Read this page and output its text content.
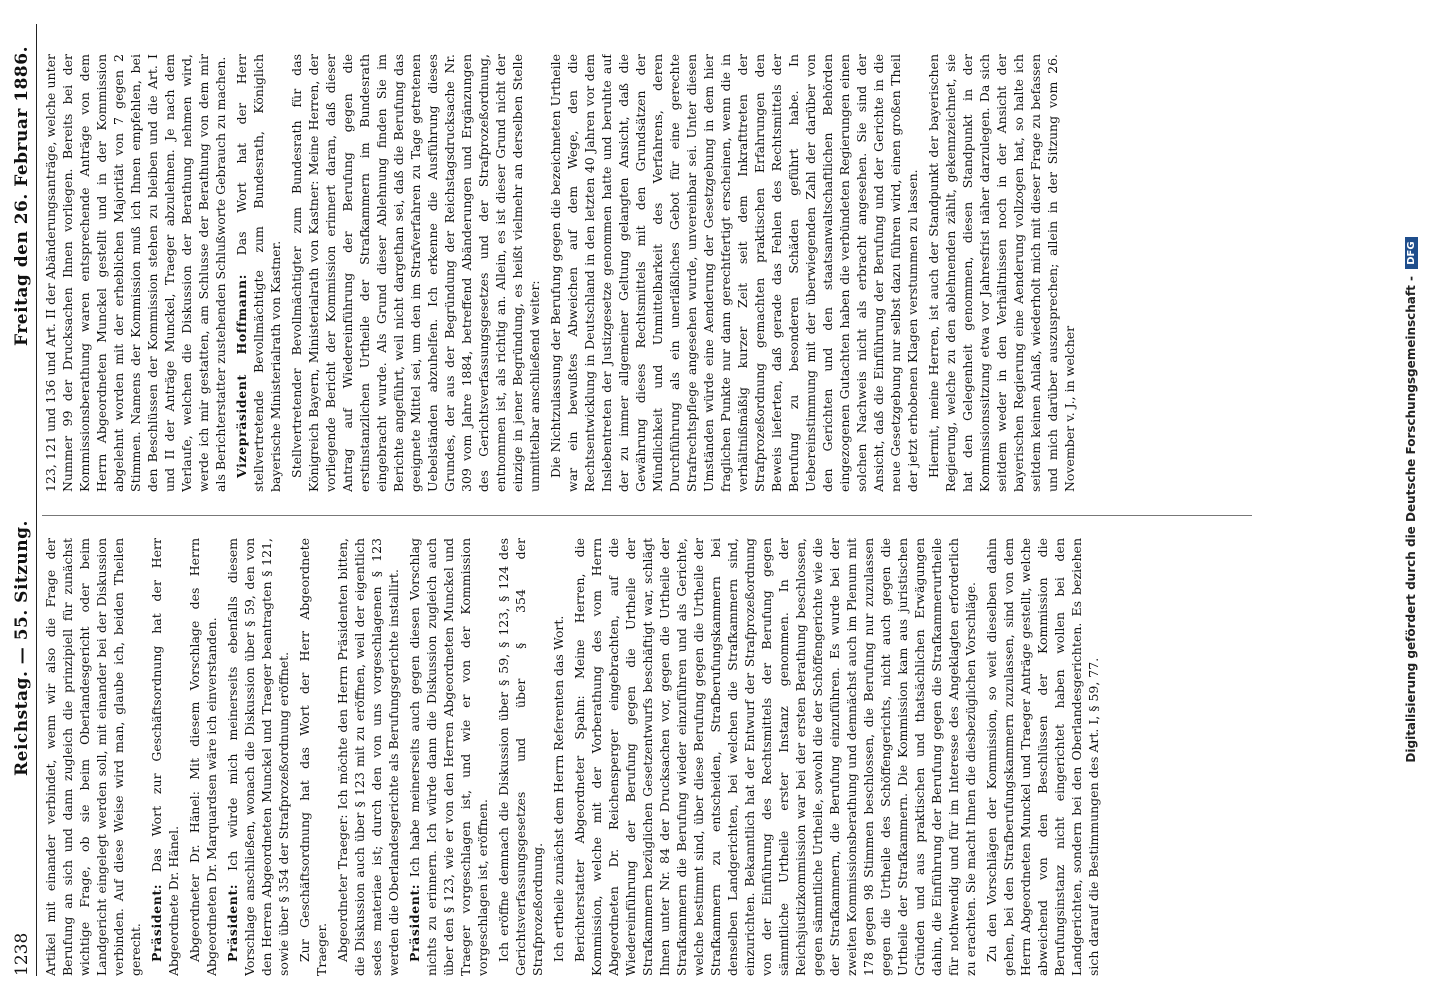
1238
Reichstag. — 55. Sitzung.
Freitag den 26. Februar 1886.

Artikel mit einander verbindet, wenn wir also die Frage der Berufung an sich und dann zugleich die prinzipiell für zunächst wichtige Frage, ob sie beim Oberlandesgericht oder beim Landgericht eingelegt werden soll, mit einander bei der Diskussion verbinden. Auf diese Weise wird man, glaube ich, beiden Theilen gerecht. Präsident: Das Wort zur Geschäftsordnung hat der Herr Abgeordnete Dr. Hänel. Abgeordneter Dr. Hänel: Mit diesem Vorschlage des Herrn Abgeordneten Dr. Marquardsen wäre ich einverstanden. Präsident: Ich würde mich meinerseits ebenfalls diesem Vorschlage anschließen, wonach die Diskussion über § 59, den von den Herren Abgeordneten Munckel und Traeger beantragten § 121, sowie über § 354 der Strafprozeßordnung eröffnet. Zur Geschäftsordnung hat das Wort der Herr Abgeordnete Traeger. Abgeordneter Traeger: Ich möchte den Herrn Präsidenten bitten, die Diskussion auch über § 123 mit zu eröffnen, weil der eigentlich sedes materiae ist; durch den von uns vorgeschlagenen § 123 werden die Oberlandesgerichte als Berufungsgerichte installirt. Präsident: Ich habe meinerseits auch gegen diesen Vorschlag nichts zu erinnern. Ich würde dann die Diskussion zugleich auch über den § 123, wie er von den Herren Abgeordneten Munckel und Traeger vorgeschlagen ist, und wie er von der Kommission vorgeschlagen ist, eröffnen. Ich eröffne demnach die Diskussion über § 59, § 123, § 124 des Gerichtsverfassungsgesetzes und über § 354 der Strafprozeßordnung. Ich ertheile zunächst dem Herrn Referenten das Wort. Berichterstatter Abgeordneter Spahn: Meine Herren, die Kommission, welche mit der Vorberathung des vom Herrn Abgeordneten Dr. Reichensperger eingebrachten, auf die Wiedereinführung der Berufung gegen die Urtheile der Strafkammern bezüglichen Gesetzentwurfs beschäftigt war, schlägt Ihnen unter Nr. 84 der Drucksachen vor, gegen die Urtheile der Strafkammern die Berufung wieder einzuführen und als Gerichte, welche bestimmt sind, über diese Berufung gegen die Urtheile der Strafkammern zu entscheiden, Strafberufungskammern bei denselben Landgerichten, bei welchen die Strafkammern sind, einzurichten. Bekanntlich hat der Entwurf der Strafprozeßordnung von der Einführung des Rechtsmittels der Berufung gegen sämmtliche Urtheile erster Instanz genommen. In der Reichsjustizkommission war bei der ersten Berathung beschlossen, gegen sämmtliche Urtheile, sowohl die der Schöffengerichte wie die der Strafkammern, die Berufung einzuführen. Es wurde bei der zweiten Kommissionsberathung und demnächst auch im Plenum mit 178 gegen 98 Stimmen beschlossen, die Berufung nur zuzulassen gegen die Urtheile des Schöffengerichts, nicht auch gegen die Urtheile der Strafkammern. Die Kommission kam aus juristischen Gründen und aus praktischen und thatsächlichen Erwägungen dahin, die Einführung der Berufung gegen die Strafkammerurtheile für nothwendig und für im Interesse des Angeklagten erforderlich zu erachten. Sie macht Ihnen die diesbezüglichen Vorschläge. Zu den Vorschlägen der Kommission, so weit dieselben dahin gehen, bei den Strafberufungskammern zuzulassen, sind von dem Herrn Abgeordneten Munckel und Traeger Anträge gestellt, welche abweichend von den Beschlüssen der Kommission die Berufungsinstanz nicht eingerichtet haben wollen bei den Landgerichten, sondern bei den Oberlandesgerichten. Es beziehen sich darauf die Bestimmungen des Art. I, § 59, 77.

123, 121 und 136 und Art. II der Abänderungsanträge, welche unter Nummer 99 der Drucksachen Ihnen vorliegen. Bereits bei der Kommissionsberathung waren entsprechende Anträge von dem Herrn Abgeordneten Munckel gestellt und in der Kommission abgelehnt worden mit der erheblichen Majorität von 7 gegen 2 Stimmen. Namens der Kommission muß ich Ihnen empfehlen, bei den Beschlüssen der Kommission stehen zu bleiben und die Art. I und II der Anträge Munckel, Traeger abzulehnen. Je nach dem Verlaufe, welchen die Diskussion der Berathung nehmen wird, werde ich mir gestatten, am Schlusse der Berathung von dem mir als Berichterstatter zustehenden Schlußworte Gebrauch zu machen. Vizepräsident Hoffmann: Das Wort hat der Herr stellvertretende Bevollmächtigte zum Bundesrath, Königlich bayerische Ministerialrath von Kastner. Stellvertretender Bevollmächtigter zum Bundesrath für das Königreich Bayern, Ministerialrath von Kastner: Meine Herren, der vorliegende Bericht der Kommission erinnert daran, daß dieser Antrag auf Wiedereinführung der Berufung gegen die erstinstanzlichen Urtheile der Strafkammern im Bundesrath eingebracht wurde. Als Grund dieser Ablehnung finden Sie im Berichte angeführt, weil nicht dargethan sei, daß die Berufung das geeignete Mittel sei, um den im Strafverfahren zu Tage getretenen Uebelständen abzuhelfen. Ich erkenne die Ausführung dieses Grundes, der aus der Begründung der Reichstagsdrucksache Nr. 309 vom Jahre 1884, betreffend Abänderungen und Ergänzungen des Gerichtsverfassungsgesetzes und der Strafprozeßordnung, entnommen ist, als richtig an. Allein, es ist dieser Grund nicht der einzige in jener Begründung, es heißt vielmehr an derselben Stelle unmittelbar anschließend weiter: Die Nichtzulassung der Berufung gegen die bezeichneten Urtheile war ein bewußtes Abweichen auf dem Wege, den die Rechtsentwicklung in Deutschland in den letzten 40 Jahren vor dem Inslebentreten der Justizgesetze genommen hatte und beruhte auf der zu immer allgemeiner Geltung gelangten Ansicht, daß die Gewährung dieses Rechtsmittels mit den Grundsätzen der Mündlichkeit und Unmittelbarkeit des Verfahrens, deren Durchführung als ein unerläßliches Gebot für eine gerechte Strafrechtspflege angesehen wurde, unvereinbar sei. Unter diesen Umständen würde eine Aenderung der Gesetzgebung in dem hier fraglichen Punkte nur dann gerechtfertigt erscheinen, wenn die in verhältnißmäßig kurzer Zeit seit dem Inkrafttreten der Strafprozeßordnung gemachten praktischen Erfahrungen den Beweis lieferten, daß gerade das Fehlen des Rechtsmittels der Berufung zu besonderen Schäden geführt habe. In Uebereinstimmung mit der überwiegenden Zahl der darüber von den Gerichten und den staatsanwaltschaftlichen Behörden eingezogenen Gutachten haben die verbündeten Regierungen einen solchen Nachweis nicht als erbracht angesehen. Sie sind der Ansicht, daß die Einführung der Berufung und der Gerichte in die neue Gesetzgebung nur selbst dazu führen wird, einen großen Theil der jetzt erhobenen Klagen verstummen zu lassen. Hiermit, meine Herren, ist auch der Standpunkt der bayerischen Regierung, welche zu den ablehnenden zählt, gekennzeichnet, sie hat den Gelegenheit genommen, diesen Standpunkt in der Kommissionssitzung etwa vor Jahresfrist näher darzulegen. Da sich seitdem weder in den Verhältnissen noch in der Ansicht der bayerischen Regierung eine Aenderung vollzogen hat, so halte ich seitdem keinen Anlaß, wiederholt mich mit dieser Frage zu befassen und mich darüber auszusprechen; allein in der Sitzung vom 26. November v. J., in welcher	Digitalisierung gefördert durch die Deutsche Forschungsgemeinschaft - DFG
